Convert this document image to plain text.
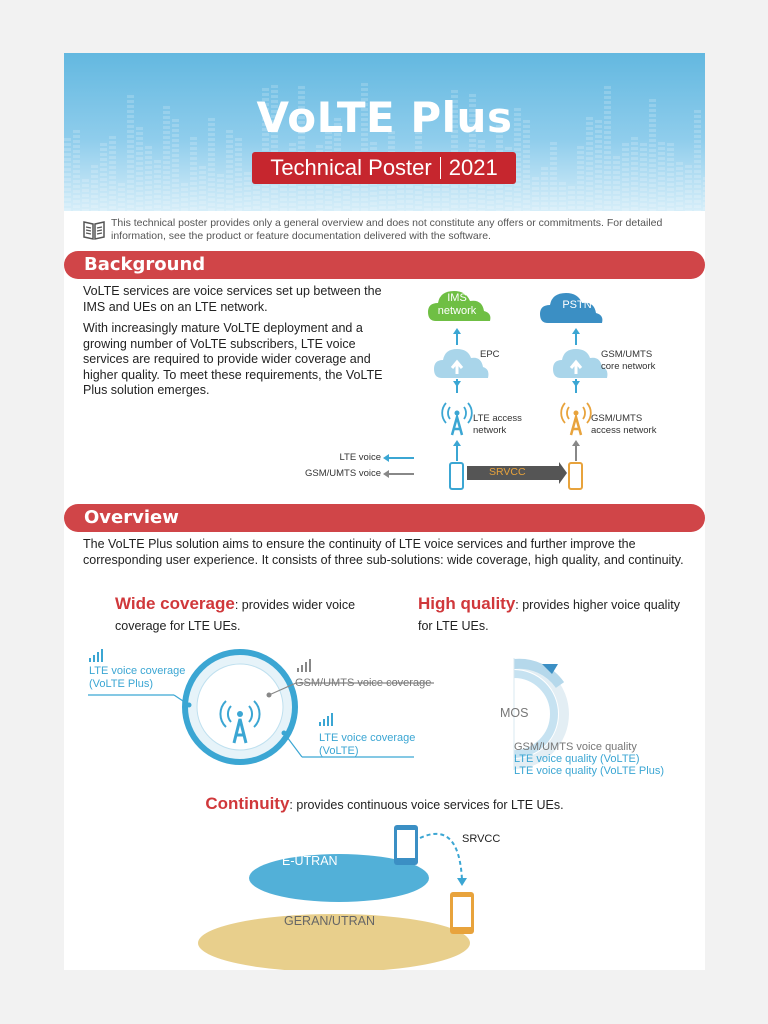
VoLTE Plus
Technical Poster 2021
This technical poster provides only a general overview and does not constitute any offers or commitments. For detailed information, see the product or feature documentation delivered with the software.
Background
VoLTE services are voice services set up between the IMS and UEs on an LTE network.
With increasingly mature VoLTE deployment and a growing number of VoLTE subscribers, LTE voice services are required to provide wider coverage and higher quality. To meet these requirements, the VoLTE Plus solution emerges.
IMS
network	PSTN
EPC	GSM/UMTS
core network
LTE access
network
GSM/UMTS
access network
LTE voice
GSM/UMTS voice	SRVCC
Overview
The VoLTE Plus solution aims to ensure the continuity of LTE voice services and further improve the corresponding user experience. It consists of three sub-solutions: wide coverage, high quality, and continuity.
Wide coverage: provides wider voice coverage for LTE UEs.
High quality: provides higher voice quality for LTE UEs.
LTE voice coverage
(VoLTE Plus)	GSM/UMTS voice coverage
LTE voice coverage
(VoLTE)
MOS
GSM/UMTS voice quality
LTE voice quality (VoLTE)
LTE voice quality (VoLTE Plus)
Continuity: provides continuous voice services for LTE UEs.
SRVCC
E-UTRAN
GERAN/UTRAN
